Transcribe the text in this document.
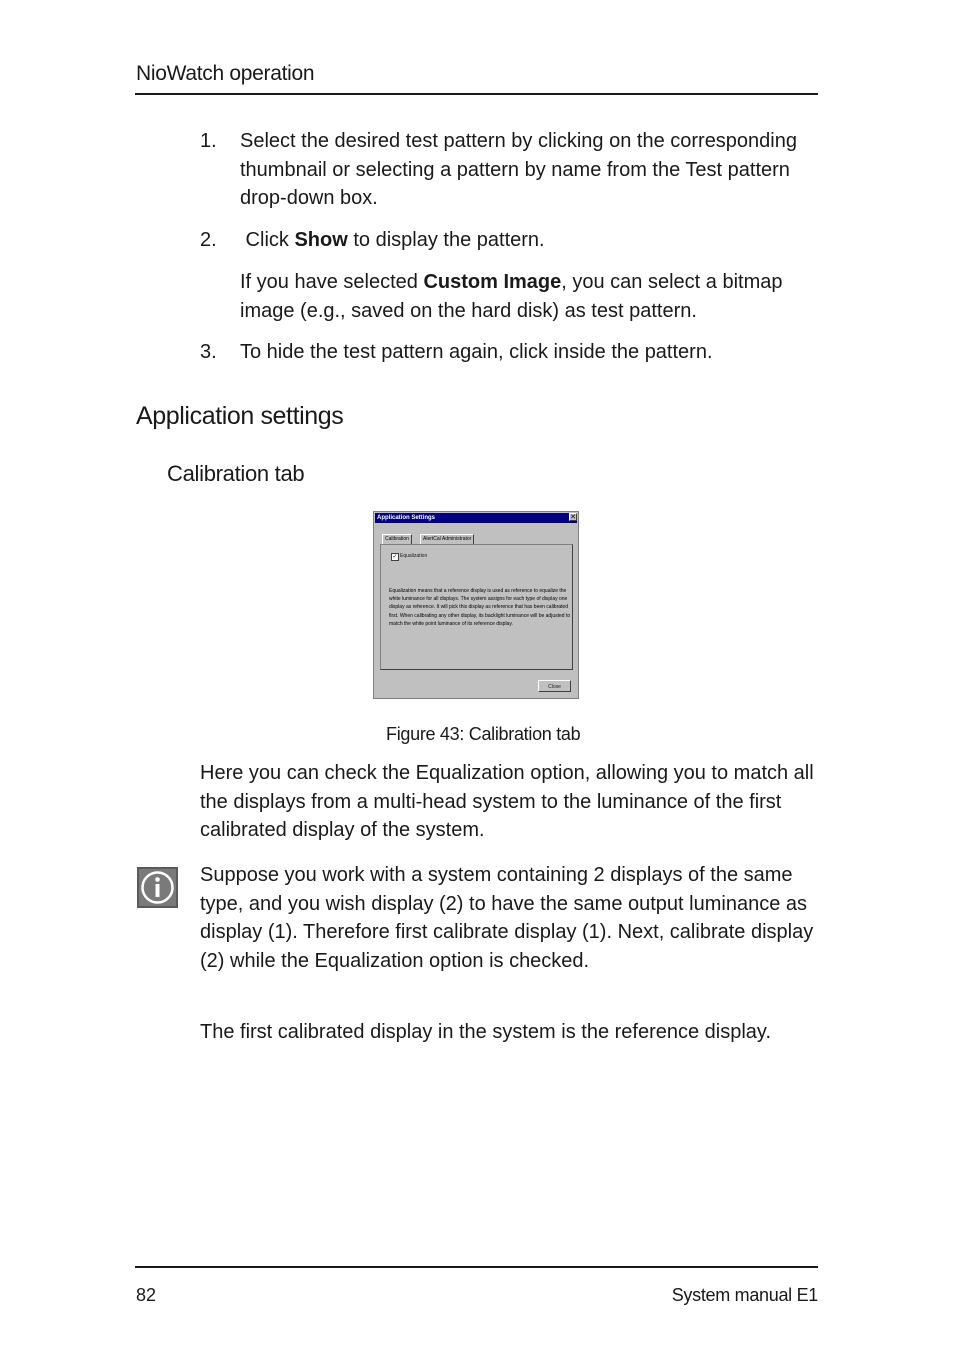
NioWatch operation
1. Select the desired test pattern by clicking on the corresponding thumbnail or selecting a pattern by name from the Test pattern drop-down box.
2. Click Show to display the pattern.
If you have selected Custom Image, you can select a bitmap image (e.g., saved on the hard disk) as test pattern.
3. To hide the test pattern again, click inside the pattern.
Application settings
Calibration tab
Application Settings	✕
Calibration	AlertCal Administrator
✓ Equalization
Equalization means that a reference display is used as reference to equalize the white luminance for all displays. The system assigns for each type of display one display as reference. It will pick this display as reference that has been calibrated first. When calibrating any other display, its backlight luminance will be adjusted to match the white point luminance of its reference display.
Close
Figure 43: Calibration tab
Here you can check the Equalization option, allowing you to match all the displays from a multi-head system to the luminance of the first calibrated display of the system.
Suppose you work with a system containing 2 displays of the same type, and you wish display (2) to have the same output luminance as display (1). Therefore first calibrate display (1). Next, calibrate display (2) while the Equalization option is checked.
The first calibrated display in the system is the reference display.
82	System manual E1
